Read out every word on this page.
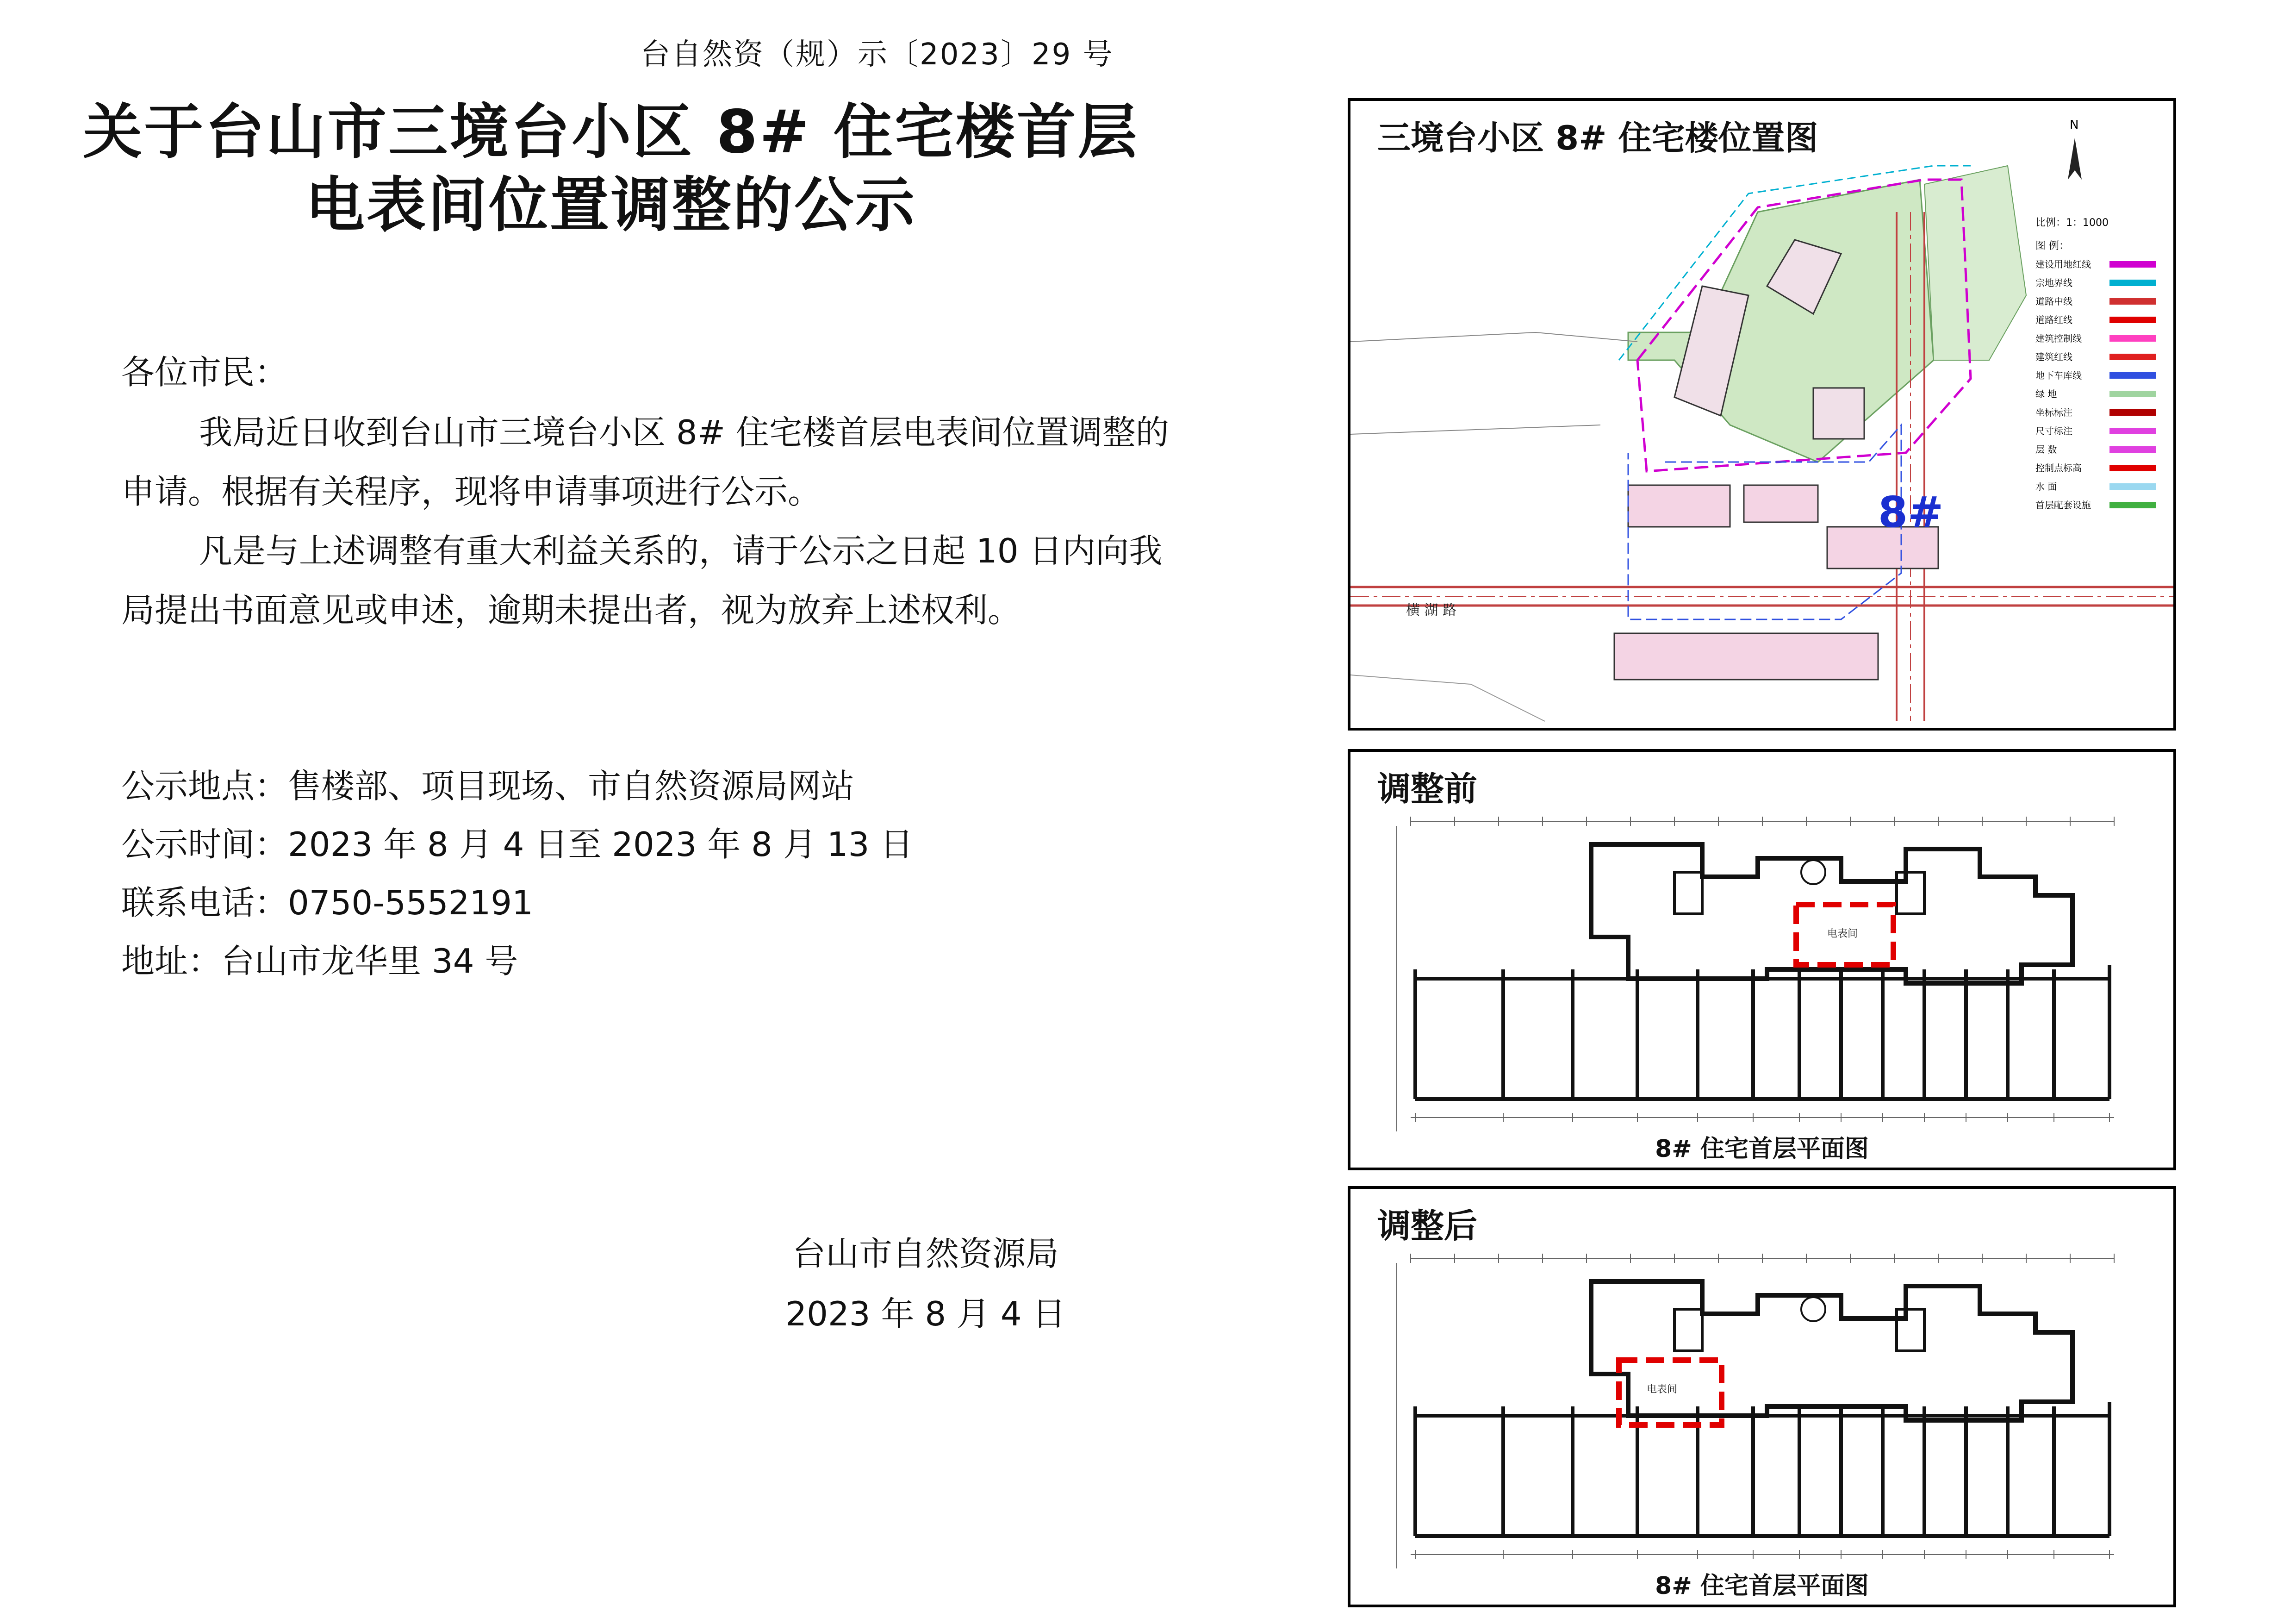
台自然资（规）示〔2023〕29 号
关于台山市三境台小区 8# 住宅楼首层
电表间位置调整的公示
各位市民：
我局近日收到台山市三境台小区 8# 住宅楼首层电表间位置调整的申请。根据有关程序，现将申请事项进行公示。
凡是与上述调整有重大利益关系的，请于公示之日起 10 日内向我局提出书面意见或申述，逾期未提出者，视为放弃上述权利。
公示地点：售楼部、项目现场、市自然资源局网站
公示时间：2023 年 8 月 4 日至 2023 年 8 月 13 日
联系电话：0750-5552191
地址：台山市龙华里 34 号
台山市自然资源局
2023 年 8 月 4 日
三境台小区 8# 住宅楼位置图
横 湖 路
N
比例：1：1000
8#
图 例：
建设用地红线
宗地界线
道路中线
道路红线
建筑控制线
建筑红线
地下车库线
绿 地
坐标标注
尺寸标注
层 数
控制点标高
水 面
首层配套设施
调整前
电表间
8# 住宅首层平面图
调整后
电表间
8# 住宅首层平面图
